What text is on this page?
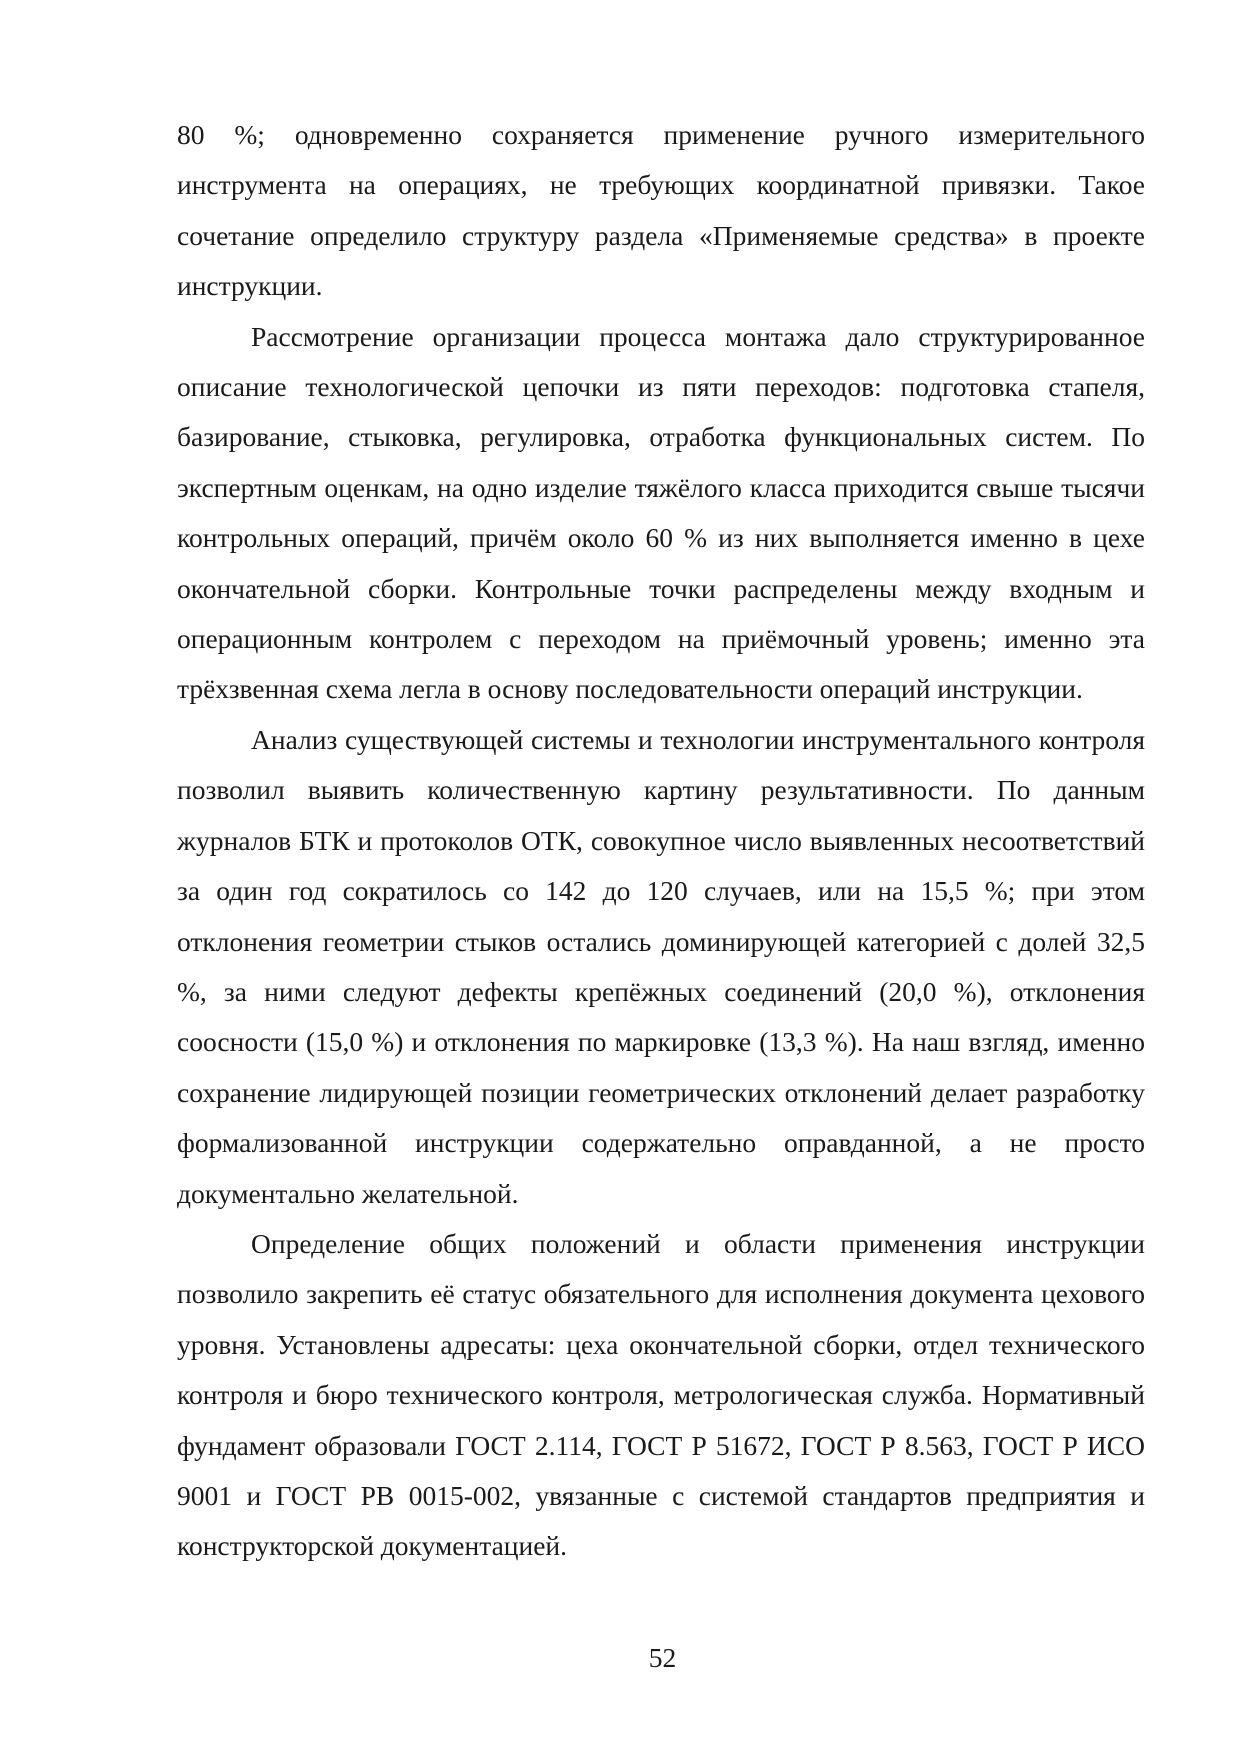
80 %; одновременно сохраняется применение ручного измерительного инструмента на операциях, не требующих координатной привязки. Такое сочетание определило структуру раздела «Применяемые средства» в проекте инструкции.

Рассмотрение организации процесса монтажа дало структурированное описание технологической цепочки из пяти переходов: подготовка стапеля, базирование, стыковка, регулировка, отработка функциональных систем. По экспертным оценкам, на одно изделие тяжёлого класса приходится свыше тысячи контрольных операций, причём около 60 % из них выполняется именно в цехе окончательной сборки. Контрольные точки распределены между входным и операционным контролем с переходом на приёмочный уровень; именно эта трёхзвенная схема легла в основу последовательности операций инструкции.

Анализ существующей системы и технологии инструментального контроля позволил выявить количественную картину результативности. По данным журналов БТК и протоколов ОТК, совокупное число выявленных несоответствий за один год сократилось со 142 до 120 случаев, или на 15,5 %; при этом отклонения геометрии стыков остались доминирующей категорией с долей 32,5 %, за ними следуют дефекты крепёжных соединений (20,0 %), отклонения соосности (15,0 %) и отклонения по маркировке (13,3 %). На наш взгляд, именно сохранение лидирующей позиции геометрических отклонений делает разработку формализованной инструкции содержательно оправданной, а не просто документально желательной.

Определение общих положений и области применения инструкции позволило закрепить её статус обязательного для исполнения документа цехового уровня. Установлены адресаты: цеха окончательной сборки, отдел технического контроля и бюро технического контроля, метрологическая служба. Нормативный фундамент образовали ГОСТ 2.114, ГОСТ Р 51672, ГОСТ Р 8.563, ГОСТ Р ИСО 9001 и ГОСТ РВ 0015-002, увязанные с системой стандартов предприятия и конструкторской документацией.

52
